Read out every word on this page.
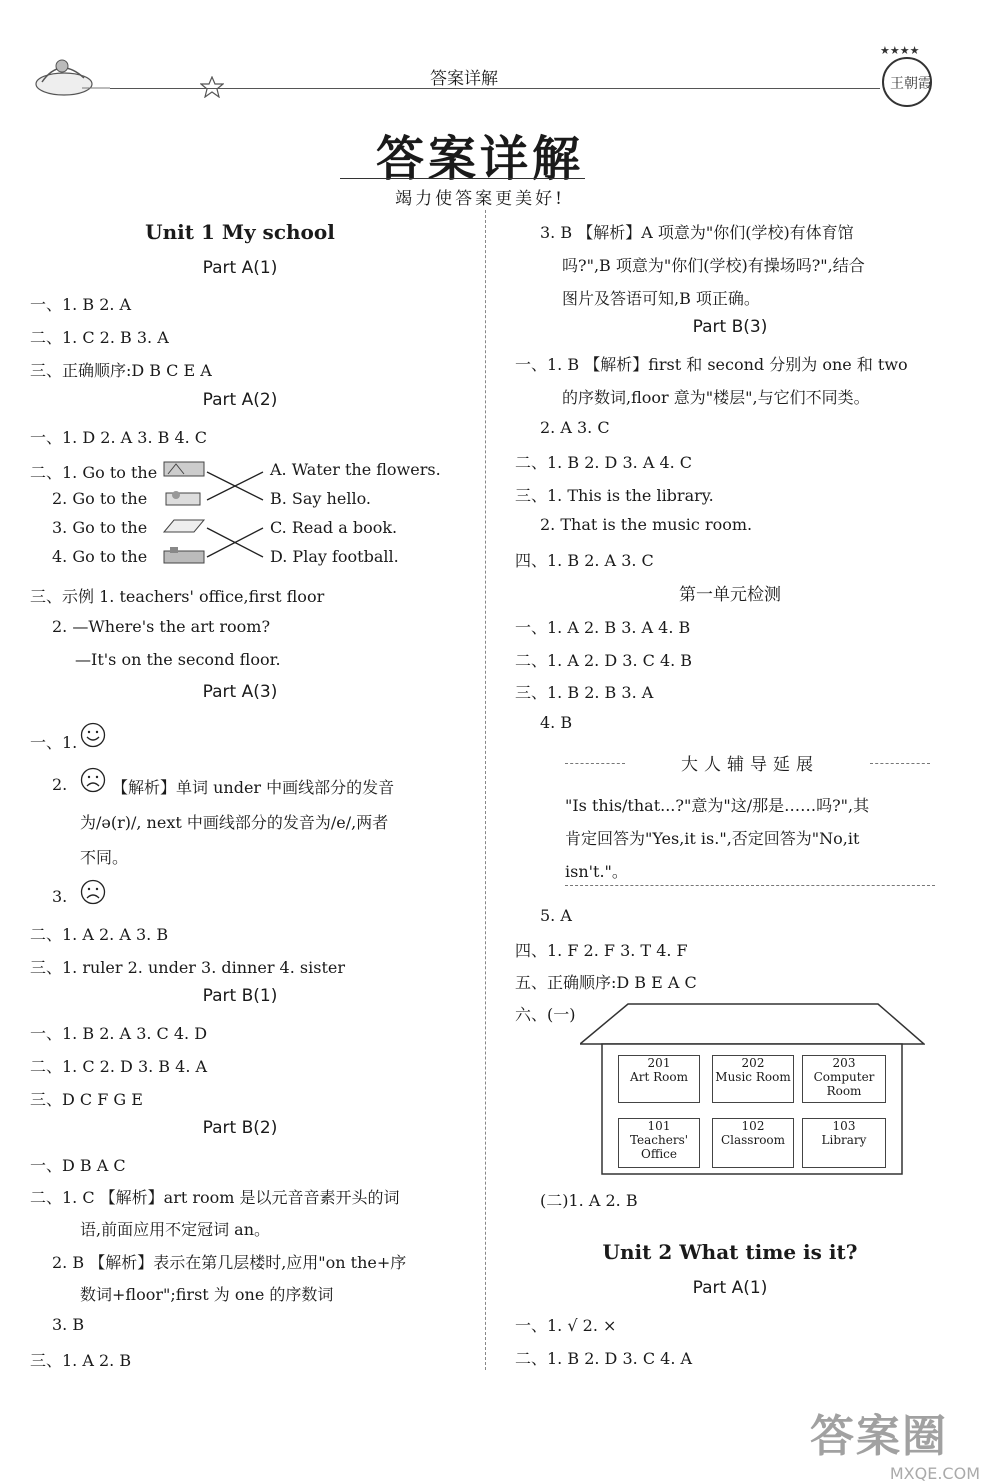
答案详解
★★★★
王朝霞
答案详解
竭力使答案更美好!
Unit 1 My school
Part A(1)
一、1. B 2. A
二、1. C 2. B 3. A
三、正确顺序:D B C E A
Part A(2)
一、1. D 2. A 3. B 4. C
二、1. Go to the
2. Go to the
3. Go to the
4. Go to the
A. Water the flowers.
B. Say hello.
C. Read a book.
D. Play football.
三、示例 1. teachers' office,first floor
2. —Where's the art room?
—It's on the second floor.
Part A(3)
一、1.
2.	【解析】单词 under 中画线部分的发音
为/ə(r)/, next 中画线部分的发音为/e/,两者
不同。
3.
二、1. A 2. A 3. B
三、1. ruler 2. under 3. dinner 4. sister
Part B(1)
一、1. B 2. A 3. C 4. D
二、1. C 2. D 3. B 4. A
三、D C F G E
Part B(2)
一、D B A C
二、1. C 【解析】art room 是以元音音素开头的词
语,前面应用不定冠词 an。
2. B 【解析】表示在第几层楼时,应用"on the+序
数词+floor";first 为 one 的序数词
3. B
三、1. A 2. B
3. B 【解析】A 项意为"你们(学校)有体育馆
吗?",B 项意为"你们(学校)有操场吗?",结合
图片及答语可知,B 项正确。
Part B(3)
一、1. B 【解析】first 和 second 分别为 one 和 two
的序数词,floor 意为"楼层",与它们不同类。
2. A 3. C
二、1. B 2. D 3. A 4. C
三、1. This is the library.
2. That is the music room.
四、1. B 2. A 3. C
第一单元检测
一、1. A 2. B 3. A 4. B
二、1. A 2. D 3. C 4. B
三、1. B 2. B 3. A
4. B
大人辅导延展
"Is this/that...?"意为"这/那是……吗?",其
肯定回答为"Yes,it is.",否定回答为"No,it
isn't."。
5. A
四、1. F 2. F 3. T 4. F
五、正确顺序:D B E A C
六、(一)
201
Art Room
202
Music Room
203
Computer Room
101
Teachers' Office
102
Classroom
103
Library
(二)1. A 2. B
Unit 2 What time is it?
Part A(1)
一、1. √ 2. ×
二、1. B 2. D 3. C 4. A
答案圈
MXQE.COM
